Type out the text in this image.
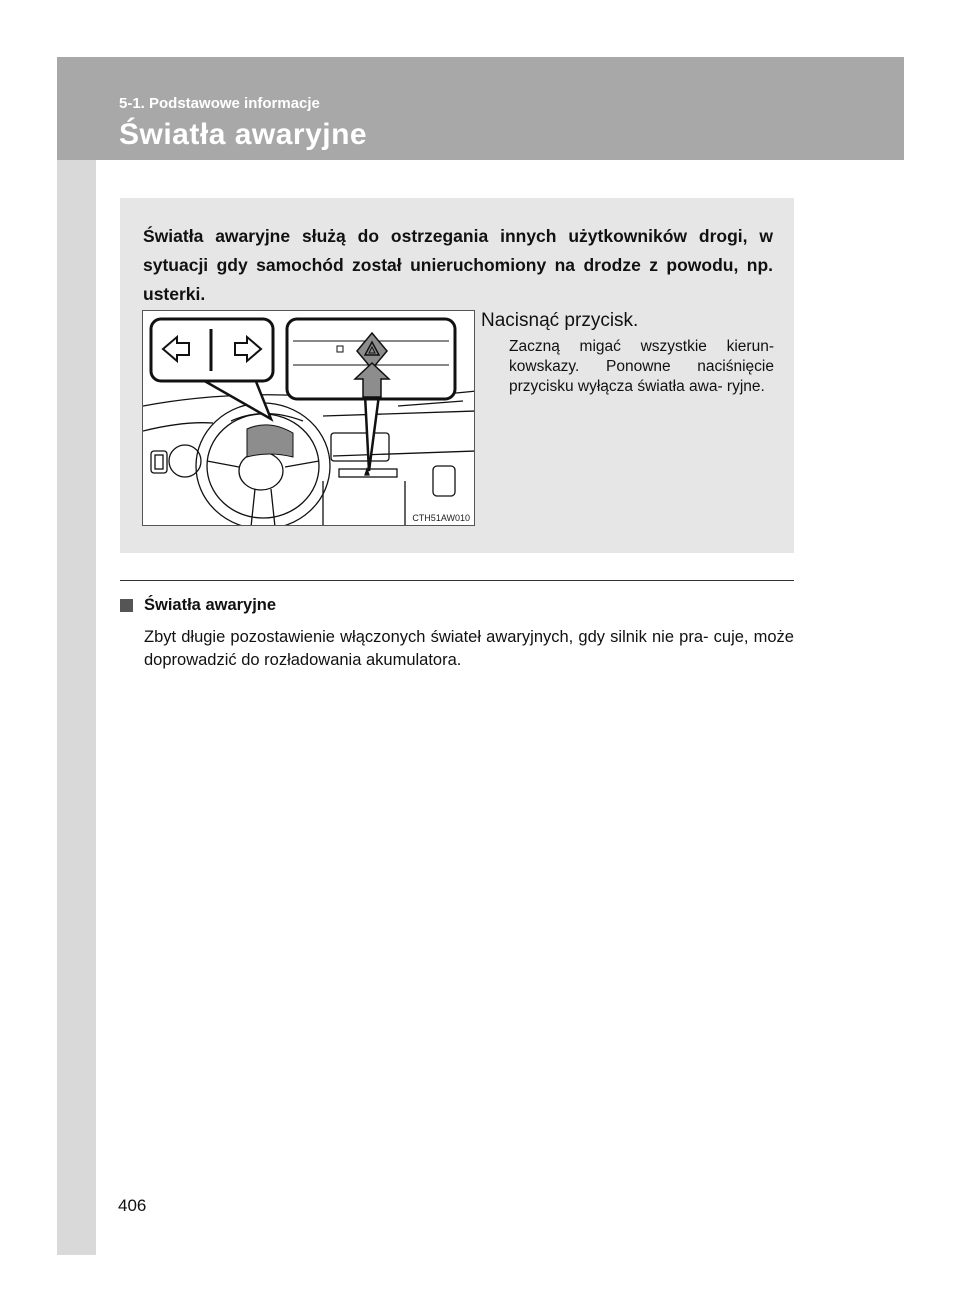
5-1. Podstawowe informacje
Światła awaryjne
Światła awaryjne służą do ostrzegania innych użytkowników drogi, w sytuacji gdy samochód został unieruchomiony na drodze z powodu, np. usterki.
CTH51AW010
Nacisnąć przycisk.
Zaczną migać wszystkie kierun- kowskazy. Ponowne naciśnięcie przycisku wyłącza światła awa- ryjne.
Światła awaryjne
Zbyt długie pozostawienie włączonych świateł awaryjnych, gdy silnik nie pra- cuje, może doprowadzić do rozładowania akumulatora.
406
